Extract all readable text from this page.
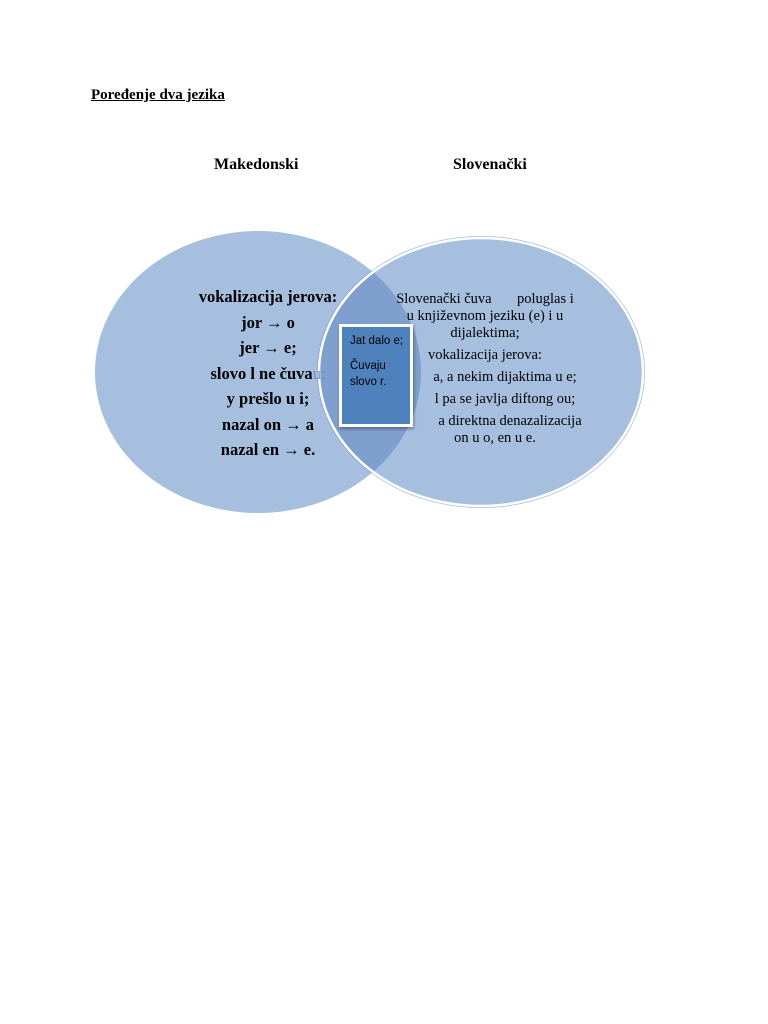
Poređenje dva jezika
Makedonski	Slovenački
vokalizacija jerova:
jor → o
jer → e;
slovo l ne čuvau;
y prešlo u i;
nazal on → a
nazal en → e.

Slovenački čuva poluglas i

u književnom jeziku (e) i u

dijalektima;

vokalizacija jerova:

a, a nekim dijaktima u e;

l pa se javlja diftong ou;

a direktna denazalizacija

on u o, en u e.

Jat dalo e;

Čuvaju slovo r.
